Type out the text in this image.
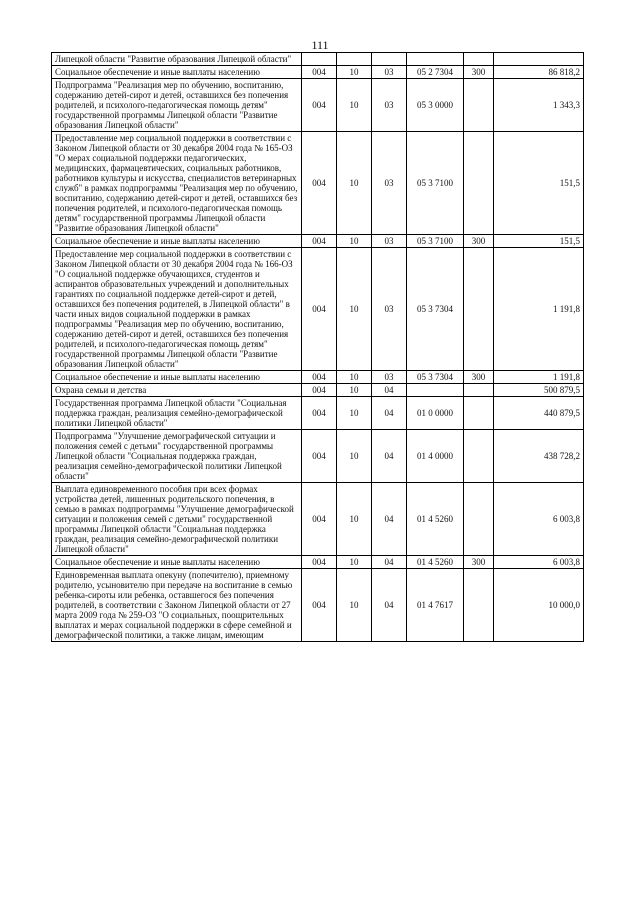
111
Липецкой области "Развитие образования Липецкой области"						
Социальное обеспечение и иные выплаты населению	004	10	03	05 2 7304	300	86 818,2
Подпрограмма "Реализация мер по обучению, воспитанию, содержанию детей-сирот и детей, оставшихся без попечения родителей, и психолого-педагогическая помощь детям" государственной программы Липецкой области "Развитие образования Липецкой области"	004	10	03	05 3 0000		1 343,3
Предоставление мер социальной поддержки в соответствии с Законом Липецкой области от 30 декабря 2004 года № 165-ОЗ "О мерах социальной поддержки педагогических, медицинских, фармацевтических, социальных работников, работников культуры и искусства, специалистов ветеринарных служб" в рамках подпрограммы "Реализация мер по обучению, воспитанию, содержанию детей-сирот и детей, оставшихся без попечения родителей, и психолого-педагогическая помощь детям" государственной программы Липецкой области "Развитие образования Липецкой области"	004	10	03	05 3 7100		151,5
Социальное обеспечение и иные выплаты населению	004	10	03	05 3 7100	300	151,5
Предоставление мер социальной поддержки в соответствии с Законом Липецкой области от 30 декабря 2004 года № 166-ОЗ "О социальной поддержке обучающихся, студентов и аспирантов образовательных учреждений и дополнительных гарантиях по социальной поддержке детей-сирот и детей, оставшихся без попечения родителей, в Липецкой области" в части иных видов социальной поддержки в рамках подпрограммы "Реализация мер по обучению, воспитанию, содержанию детей-сирот и детей, оставшихся без попечения родителей, и психолого-педагогическая помощь детям" государственной программы Липецкой области "Развитие образования Липецкой области"	004	10	03	05 3 7304		1 191,8
Социальное обеспечение и иные выплаты населению	004	10	03	05 3 7304	300	1 191,8
Охрана семьи и детства	004	10	04			500 879,5
Государственная программа Липецкой области "Социальная поддержка граждан, реализация семейно-демографической политики Липецкой области"	004	10	04	01 0 0000		440 879,5
Подпрограмма "Улучшение демографической ситуации и положения семей с детьми" государственной программы Липецкой области "Социальная поддержка граждан, реализация семейно-демографической политики Липецкой области"	004	10	04	01 4 0000		438 728,2
Выплата единовременного пособия при всех формах устройства детей, лишенных родительского попечения, в семью в рамках подпрограммы "Улучшение демографической ситуации и положения семей с детьми" государственной программы Липецкой области "Социальная поддержка граждан, реализация семейно-демографической политики Липецкой области"	004	10	04	01 4 5260		6 003,8
Социальное обеспечение и иные выплаты населению	004	10	04	01 4 5260	300	6 003,8
Единовременная выплата опекуну (попечителю), приемному родителю, усыновителю при передаче на воспитание в семью ребенка-сироты или ребенка, оставшегося без попечения родителей, в соответствии с Законом Липецкой области от 27 марта 2009 года № 259-ОЗ "О социальных, поощрительных выплатах и мерах социальной поддержки в сфере семейной и демографической политики, а также лицам, имеющим	004	10	04	01 4 7617		10 000,0
